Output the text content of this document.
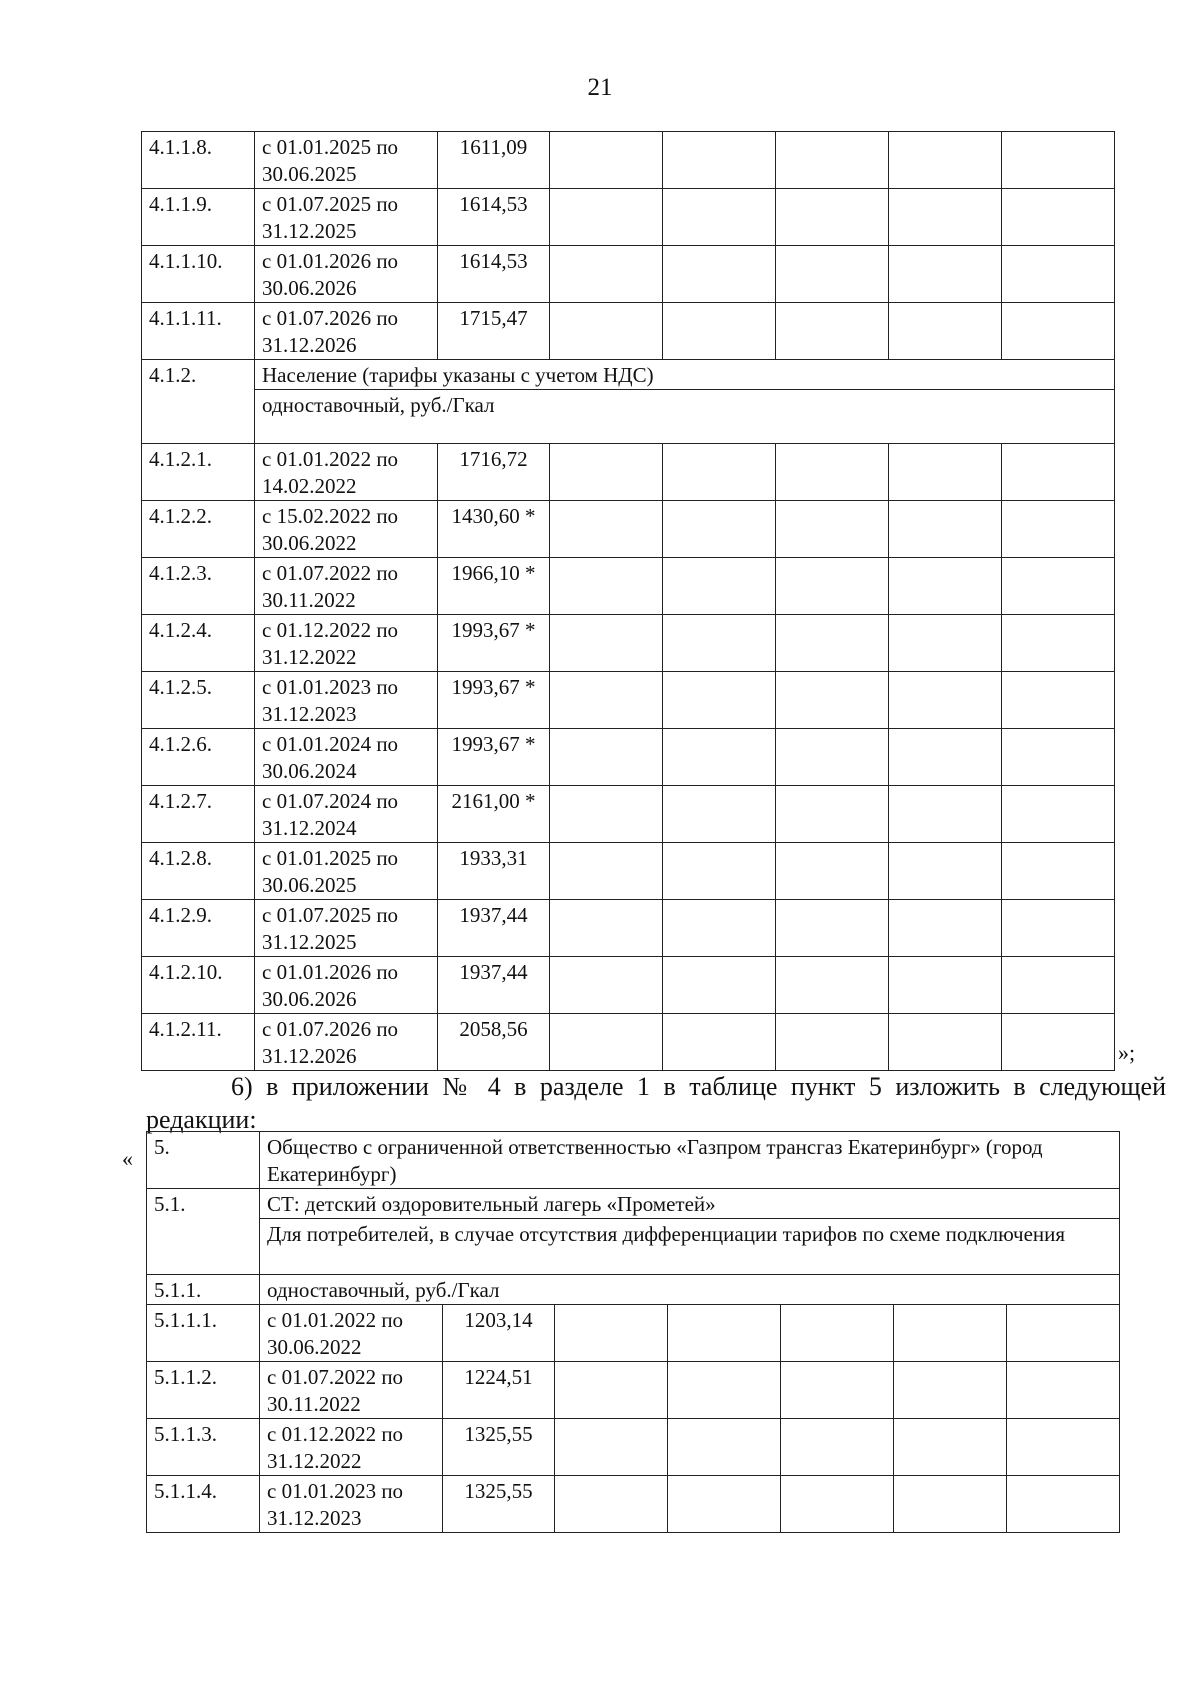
21
4.1.1.8.	с 01.01.2025 по 30.06.2025	1611,09					
4.1.1.9.	с 01.07.2025 по 31.12.2025	1614,53					
4.1.1.10.	с 01.01.2026 по 30.06.2026	1614,53					
4.1.1.11.	с 01.07.2026 по 31.12.2026	1715,47					
4.1.2.	Население (тарифы указаны с учетом НДС)						
	одноставочный, руб./Гкал						
4.1.2.1.	с 01.01.2022 по 14.02.2022	1716,72					
4.1.2.2.	с 15.02.2022 по 30.06.2022	1430,60 *					
4.1.2.3.	с 01.07.2022 по 30.11.2022	1966,10 *					
4.1.2.4.	с 01.12.2022 по 31.12.2022	1993,67 *					
4.1.2.5.	с 01.01.2023 по 31.12.2023	1993,67 *					
4.1.2.6.	с 01.01.2024 по 30.06.2024	1993,67 *					
4.1.2.7.	с 01.07.2024 по 31.12.2024	2161,00 *					
4.1.2.8.	с 01.01.2025 по 30.06.2025	1933,31					
4.1.2.9.	с 01.07.2025 по 31.12.2025	1937,44					
4.1.2.10.	с 01.01.2026 по 30.06.2026	1937,44					
4.1.2.11.	с 01.07.2026 по 31.12.2026	2058,56					
»;
6) в приложении № 4 в разделе 1 в таблице пункт 5 изложить в следующей редакции:
« 5.	Общество с ограниченной ответственностью «Газпром трансгаз Екатеринбург» (город Екатеринбург)						
5.1.	СТ: детский оздоровительный лагерь «Прометей»						
	Для потребителей, в случае отсутствия дифференциации тарифов по схеме подключения						
5.1.1.	одноставочный, руб./Гкал						
5.1.1.1.	с 01.01.2022 по 30.06.2022	1203,14					
5.1.1.2.	с 01.07.2022 по 30.11.2022	1224,51					
5.1.1.3.	с 01.12.2022 по 31.12.2022	1325,55					
5.1.1.4.	с 01.01.2023 по 31.12.2023	1325,55					
